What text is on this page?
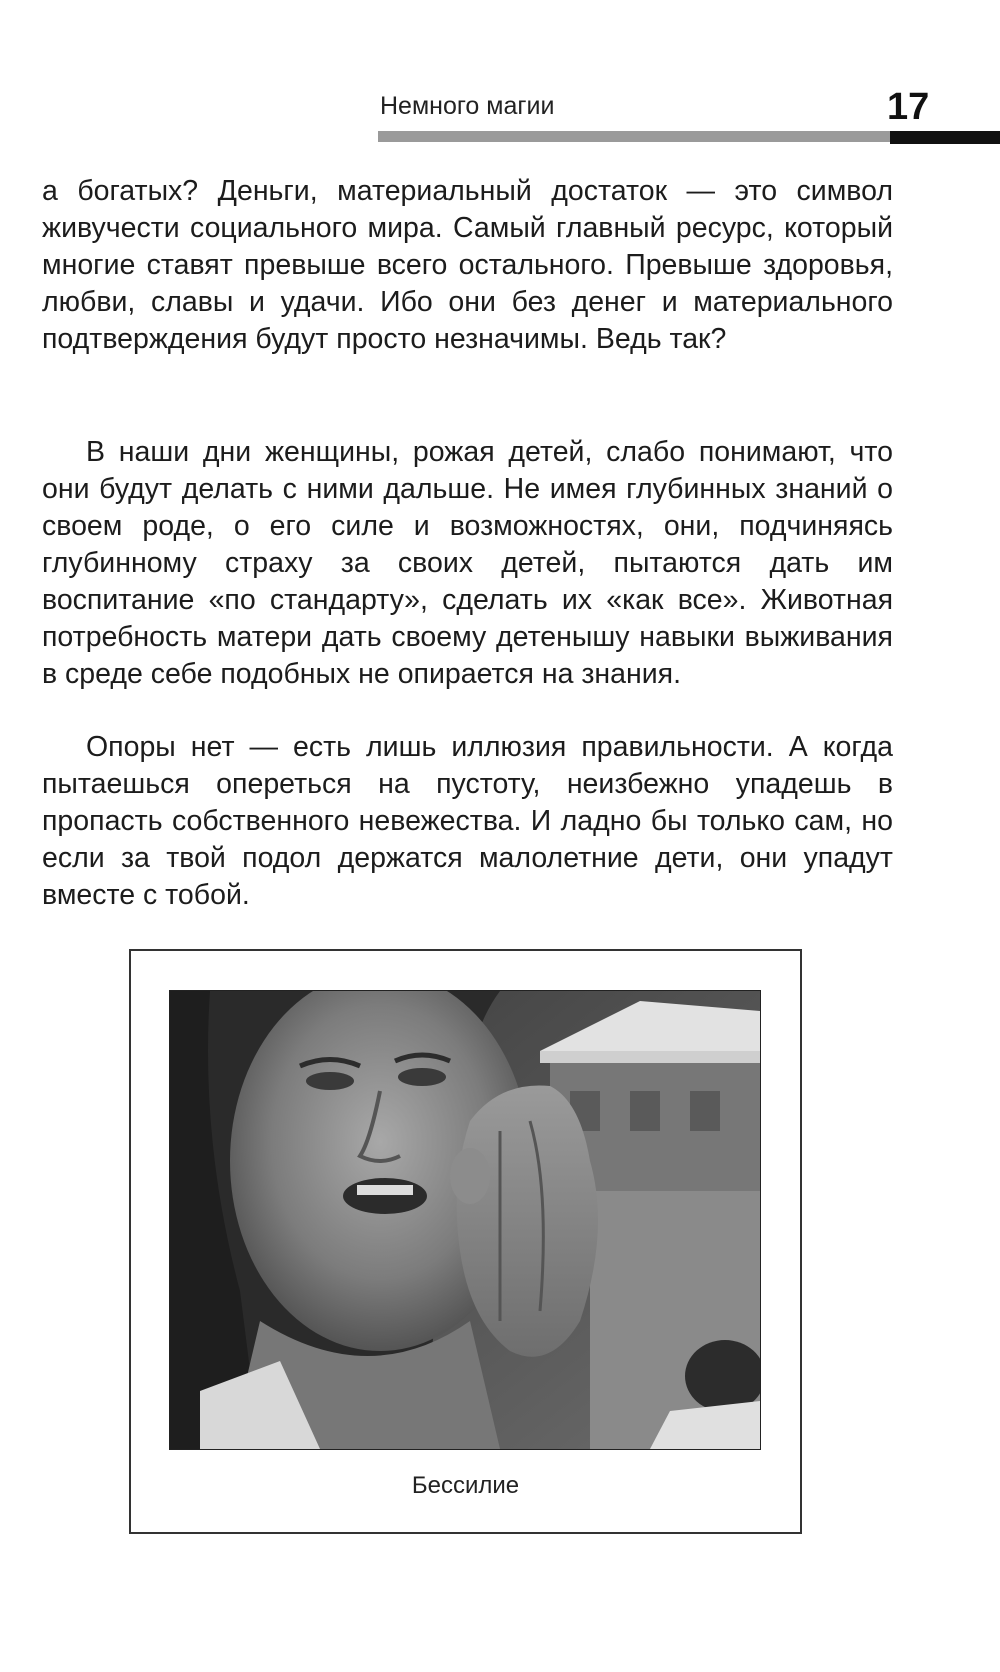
Немного магии	17

а богатых? Деньги, материальный достаток — это символ живучести социального мира. Самый главный ресурс, который многие ставят превыше всего остального. Превыше здоровья, любви, славы и удачи. Ибо они без денег и материального подтверждения будут просто незначимы. Ведь так?

В наши дни женщины, рожая детей, слабо понимают, что они будут делать с ними дальше. Не имея глубинных знаний о своем роде, о его силе и возможностях, они, подчиняясь глубинному страху за своих детей, пытаются дать им воспитание «по стандарту», сделать их «как все». Животная потребность матери дать своему детенышу навыки выживания в среде себе подобных не опирается на знания.

Опоры нет — есть лишь иллюзия правильности. А когда пытаешься опереться на пустоту, неизбежно упадешь в пропасть собственного невежества. И ладно бы только сам, но если за твой подол держатся малолетние дети, они упадут вместе с тобой.

Бессилие
